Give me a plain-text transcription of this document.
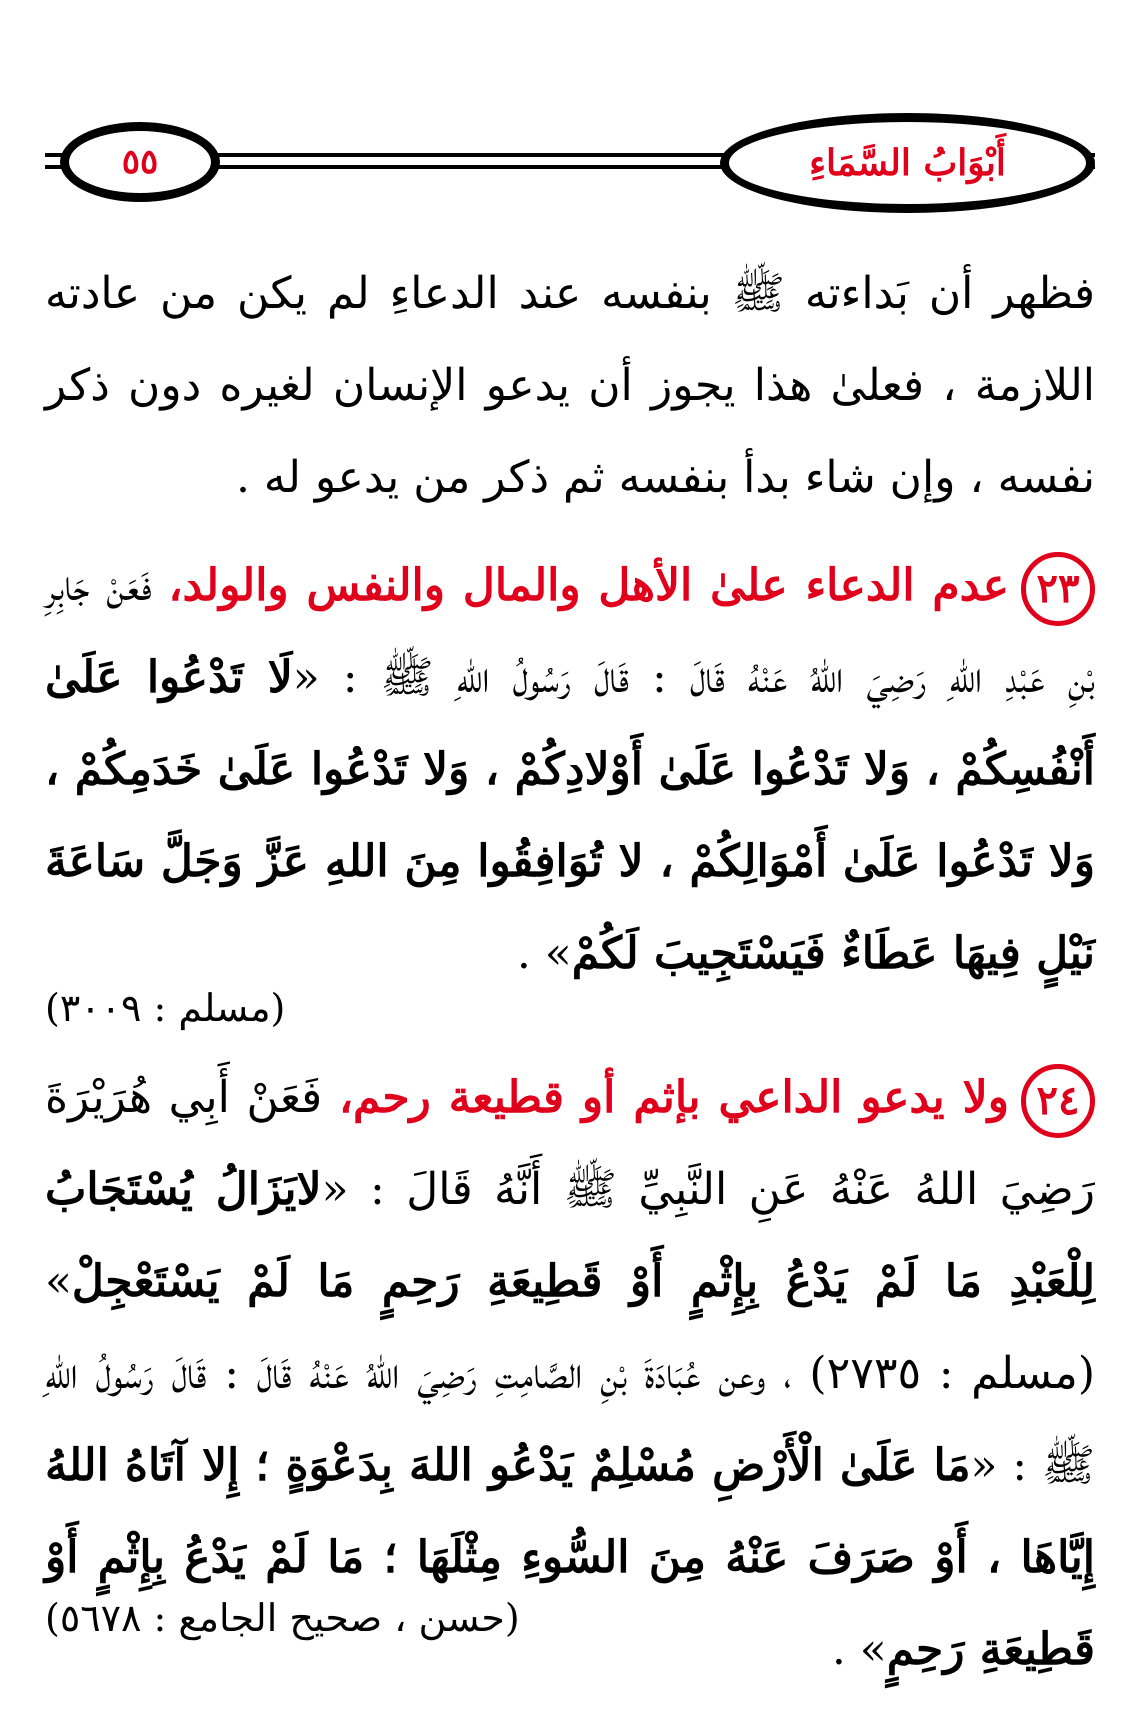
٥٥	أَبْوَابُ السَّمَاءِ

فظهر أن بَداءته ﷺ بنفسه عند الدعاءِ لم يكن من عادته اللازمة ، فعلىٰ هذا يجوز أن يدعو الإنسان لغيره دون ذكر نفسه ، وإن شاء بدأ بنفسه ثم ذكر من يدعو له .

٢٣عدم الدعاء علىٰ الأهل والمال والنفس والولد، فَعَنْ جَابِرِ بْنِ عَبْدِ اللهِ رَضِيَ اللهُ عَنْهُ قَالَ : قَالَ رَسُولُ اللهِ ﷺ : «لَا تَدْعُوا عَلَىٰ أَنْفُسِكُمْ ، وَلا تَدْعُوا عَلَىٰ أَوْلادِكُمْ ، وَلا تَدْعُوا عَلَىٰ خَدَمِكُمْ ، وَلا تَدْعُوا عَلَىٰ أَمْوَالِكُمْ ، لا تُوَافِقُوا مِنَ اللهِ عَزَّ وَجَلَّ سَاعَةَ نَيْلٍ فِيهَا عَطَاءٌ فَيَسْتَجِيبَ لَكُمْ» .

(مسلم : ٣٠٠٩)

٢٤ولا يدعو الداعي بإثم أو قطيعة رحم، فَعَنْ أَبِي هُرَيْرَةَ رَضِيَ اللهُ عَنْهُ عَنِ النَّبِيِّ ﷺ أَنَّهُ قَالَ : «لايَزَالُ يُسْتَجَابُ لِلْعَبْدِ مَا لَمْ يَدْعُ بِإِثْمٍ أَوْ قَطِيعَةِ رَحِمٍ مَا لَمْ يَسْتَعْجِلْ» (مسلم : ٢٧٣٥) ، وعن عُبَادَةَ بْنِ الصَّامِتِ رَضِيَ اللهُ عَنْهُ قَالَ : قَالَ رَسُولُ اللهِ ﷺ : «مَا عَلَىٰ الْأَرْضِ مُسْلِمٌ يَدْعُو اللهَ بِدَعْوَةٍ ؛ إِلا آتَاهُ اللهُ إِيَّاهَا ، أَوْ صَرَفَ عَنْهُ مِنَ السُّوءِ مِثْلَهَا ؛ مَا لَمْ يَدْعُ بِإِثْمٍ أَوْ قَطِيعَةِ رَحِمٍ» .

(حسن ، صحيح الجامع : ٥٦٧٨)
